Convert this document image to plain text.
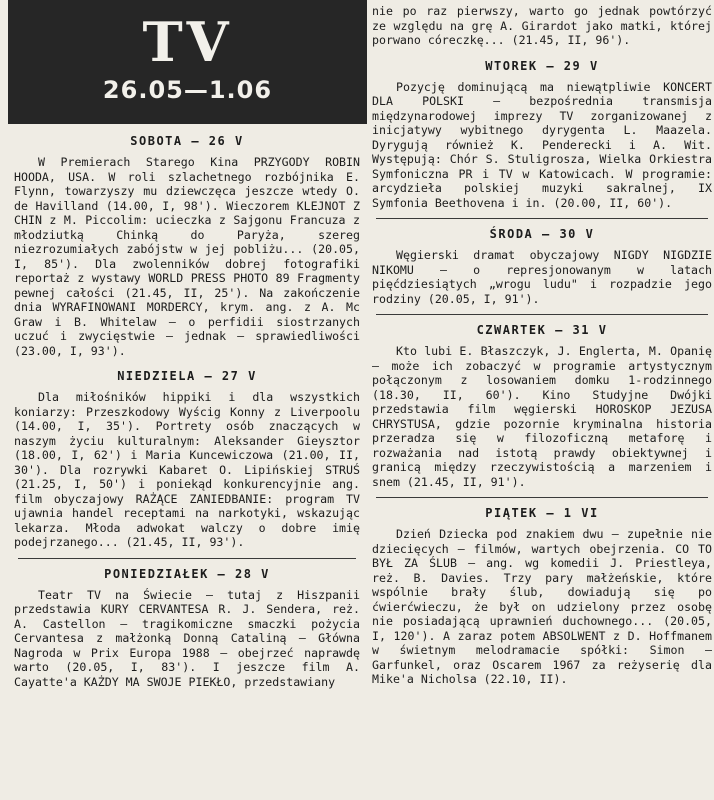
TV
26.05—1.06
SOBOTA — 26 V

W Premierach Starego Kina PRZYGODY ROBIN HOODA, USA. W roli szlachetnego rozbójnika E. Flynn, towarzyszy mu dziewczęca jeszcze wtedy O. de Havilland (14.00, I, 98'). Wieczorem KLEJNOT Z CHIN z M. Piccolim: ucieczka z Sajgonu Francuza z młodziutką Chinką do Paryża, szereg niezrozumiałych zabójstw w jej pobliżu... (20.05, I, 85'). Dla zwolenników dobrej fotografiki reportaż z wystawy WORLD PRESS PHOTO 89 Fragmenty pewnej całości (21.45, II, 25'). Na zakończenie dnia WYRAFINOWANI MORDERCY, krym. ang. z A. Mc Graw i B. Whitelaw — o perfidii siostrzanych uczuć i zwycięstwie — jednak — sprawiedliwości (23.00, I, 93').

NIEDZIELA — 27 V

Dla miłośników hippiki i dla wszystkich koniarzy: Przeszkodowy Wyścig Konny z Liverpoolu (14.00, I, 35'). Portrety osób znaczących w naszym życiu kulturalnym: Aleksander Gieysztor (18.00, I, 62') i Maria Kuncewiczowa (21.00, II, 30'). Dla rozrywki Kabaret O. Lipińskiej STRUŚ (21.25, I, 50') i poniekąd konkurencyjnie ang. film obyczajowy RAŻĄCE ZANIEDBANIE: program TV ujawnia handel receptami na narkotyki, wskazując lekarza. Młoda adwokat walczy o dobre imię podejrzanego... (21.45, II, 93').

PONIEDZIAŁEK — 28 V

Teatr TV na Świecie — tutaj z Hiszpanii przedstawia KURY CERVANTESA R. J. Sendera, reż. A. Castellon — tragikomiczne smaczki pożycia Cervantesa z małżonką Donną Cataliną — Główna Nagroda w Prix Europa 1988 — obejrzeć naprawdę warto (20.05, I, 83'). I jeszcze film A. Cayatte'a KAŻDY MA SWOJE PIEKŁO, przedstawiany

nie po raz pierwszy, warto go jednak powtórzyć ze względu na grę A. Girardot jako matki, której porwano córeczkę... (21.45, II, 96').

WTOREK — 29 V

Pozycję dominującą ma niewątpliwie KONCERT DLA POLSKI — bezpośrednia transmisja międzynarodowej imprezy TV zorganizowanej z inicjatywy wybitnego dyrygenta L. Maazela. Dyrygują również K. Penderecki i A. Wit. Występują: Chór S. Stuligrosza, Wielka Orkiestra Symfoniczna PR i TV w Katowicach. W programie: arcydzieła polskiej muzyki sakralnej, IX Symfonia Beethovena i in. (20.00, II, 60').

ŚRODA — 30 V

Węgierski dramat obyczajowy NIGDY NIGDZIE NIKOMU — o represjonowanym w latach pięćdziesiątych „wrogu ludu" i rozpadzie jego rodziny (20.05, I, 91').

CZWARTEK — 31 V

Kto lubi E. Błaszczyk, J. Englerta, M. Opanię — może ich zobaczyć w programie artystycznym połączonym z losowaniem domku 1-rodzinnego (18.30, II, 60'). Kino Studyjne Dwójki przedstawia film węgierski HOROSKOP JEZUSA CHRYSTUSA, gdzie pozornie kryminalna historia przeradza się w filozoficzną metaforę i rozważania nad istotą prawdy obiektywnej i granicą między rzeczywistością a marzeniem i snem (21.45, II, 91').

PIĄTEK — 1 VI

Dzień Dziecka pod znakiem dwu — zupełnie nie dziecięcych — filmów, wartych obejrzenia. CO TO BYŁ ZA ŚLUB — ang. wg komedii J. Priestleya, reż. B. Davies. Trzy pary małżeńskie, które wspólnie brały ślub, dowiadują się po ćwierćwieczu, że był on udzielony przez osobę nie posiadającą uprawnień duchownego... (20.05, I, 120'). A zaraz potem ABSOLWENT z D. Hoffmanem w świetnym melodramacie spółki: Simon — Garfunkel, oraz Oscarem 1967 za reżyserię dla Mike'a Nicholsa (22.10, II).
